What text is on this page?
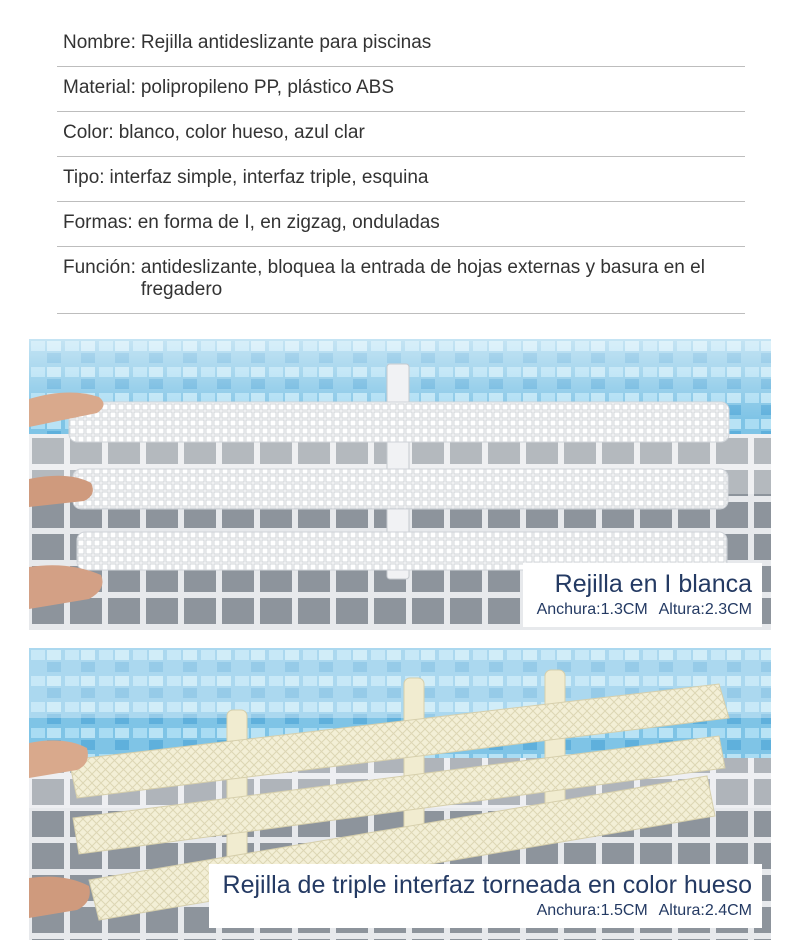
Nombre: Rejilla antideslizante para piscinas
Material: polipropileno PP, plástico ABS
Color: blanco, color hueso, azul clar
Tipo: interfaz simple, interfaz triple, esquina
Formas: en forma de I, en zigzag, onduladas
Función: antideslizante, bloquea la entrada de hojas externas y basura en el fregadero
Rejilla en I blanca
Anchura:1.3CM Altura:2.3CM
Rejilla de triple interfaz torneada en color hueso
Anchura:1.5CM Altura:2.4CM
